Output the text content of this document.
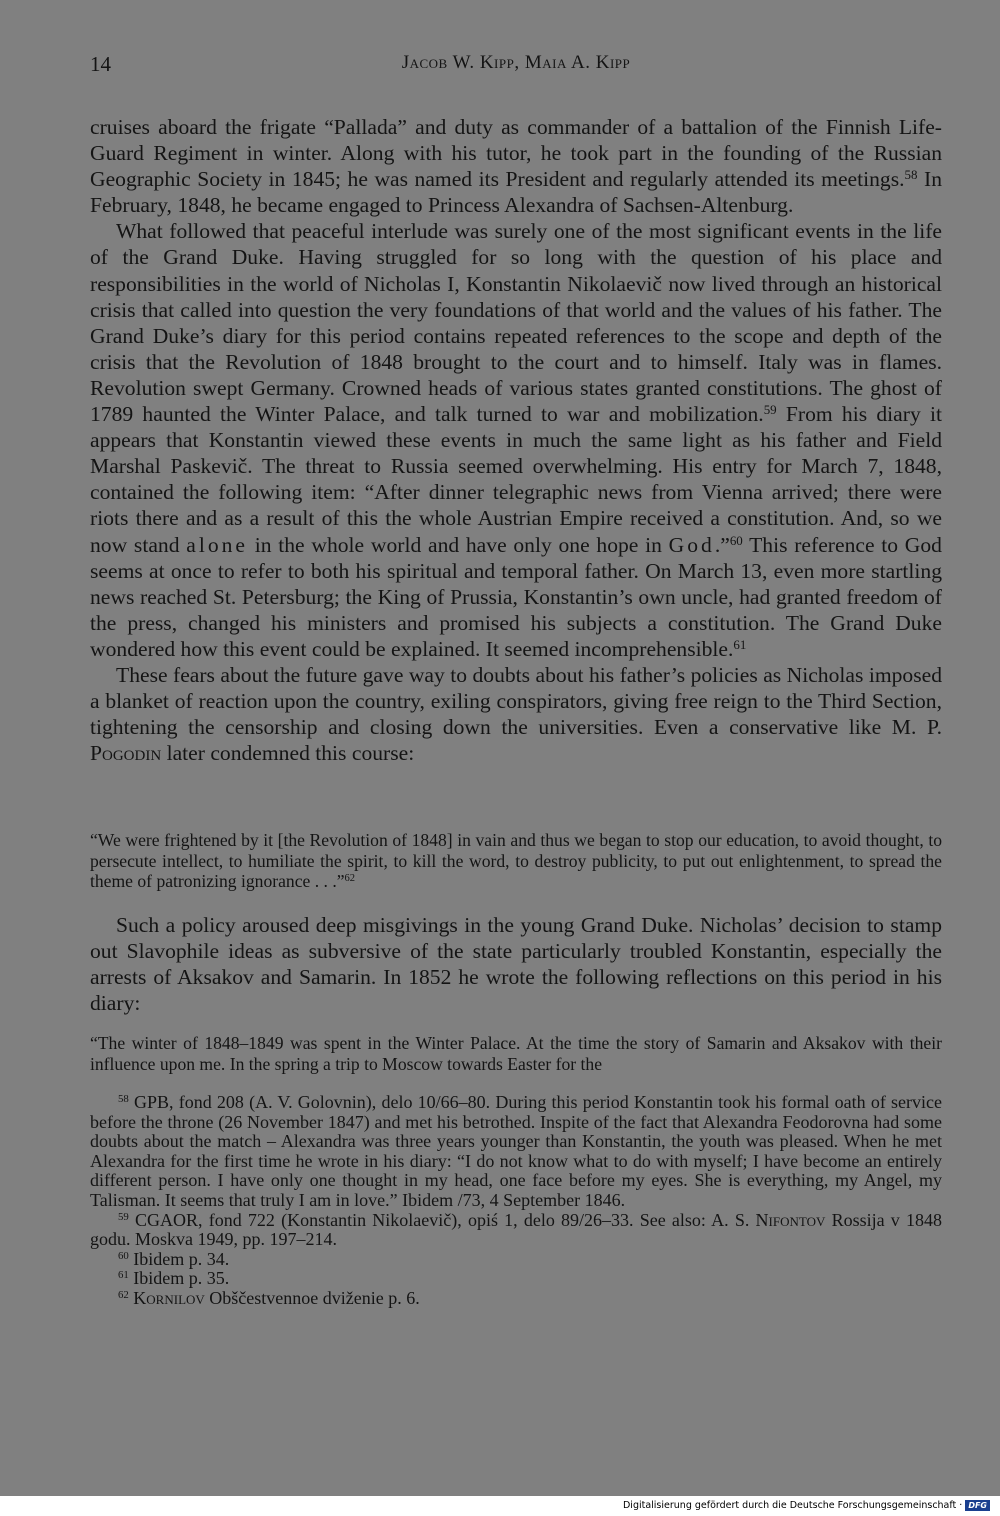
14	Jacob W. Kipp, Maia A. Kipp

cruises aboard the frigate “Pallada” and duty as commander of a battalion of the Finnish Life-Guard Regiment in winter. Along with his tutor, he took part in the founding of the Russian Geographic Society in 1845; he was named its President and regularly attended its meetings.$^{58}$ In February, 1848, he became engaged to Princess Alexandra of Sachsen-Altenburg.

What followed that peaceful interlude was surely one of the most significant events in the life of the Grand Duke. Having struggled for so long with the question of his place and responsibilities in the world of Nicholas I, Konstantin Nikolaevič now lived through an historical crisis that called into question the very foundations of that world and the values of his father. The Grand Duke’s diary for this period contains repeated references to the scope and depth of the crisis that the Revolution of 1848 brought to the court and to himself. Italy was in flames. Revolution swept Germany. Crowned heads of various states granted constitutions. The ghost of 1789 haunted the Winter Palace, and talk turned to war and mobilization.$^{59}$ From his diary it appears that Konstantin viewed these events in much the same light as his father and Field Marshal Paskevič. The threat to Russia seemed overwhelming. His entry for March 7, 1848, contained the following item: “After dinner telegraphic news from Vienna arrived; there were riots there and as a result of this the whole Austrian Empire received a constitution. And, so we now stand alone in the whole world and have only one hope in God.”$^{60}$ This reference to God seems at once to refer to both his spiritual and temporal father. On March 13, even more startling news reached St. Petersburg; the King of Prussia, Konstantin’s own uncle, had granted freedom of the press, changed his ministers and promised his subjects a constitution. The Grand Duke wondered how this event could be explained. It seemed incomprehensible.$^{61}$

These fears about the future gave way to doubts about his father’s policies as Nicholas imposed a blanket of reaction upon the country, exiling conspirators, giving free reign to the Third Section, tightening the censorship and closing down the universities. Even a conservative like M. P. Pogodin later condemned this course:

“We were frightened by it [the Revolution of 1848] in vain and thus we began to stop our education, to avoid thought, to persecute intellect, to humiliate the spirit, to kill the word, to destroy publicity, to put out enlightenment, to spread the theme of patronizing ignorance . . .”$^{62}$
Such a policy aroused deep misgivings in the young Grand Duke. Nicholas’ decision to stamp out Slavophile ideas as subversive of the state particularly troubled Konstantin, especially the arrests of Aksakov and Samarin. In 1852 he wrote the following reflections on this period in his diary:
“The winter of 1848–1849 was spent in the Winter Palace. At the time the story of Samarin and Aksakov with their influence upon me. In the spring a trip to Moscow towards Easter for the

$^{58}$ GPB, fond 208 (A. V. Golovnin), delo 10/66–80. During this period Konstantin took his formal oath of service before the throne (26 November 1847) and met his betrothed. Inspite of the fact that Alexandra Feodorovna had some doubts about the match – Alexandra was three years younger than Konstantin, the youth was pleased. When he met Alexandra for the first time he wrote in his diary: “I do not know what to do with myself; I have become an entirely different person. I have only one thought in my head, one face before my eyes. She is everything, my Angel, my Talisman. It seems that truly I am in love.” Ibidem /73, 4 September 1846.

$^{59}$ CGAOR, fond 722 (Konstantin Nikolaevič), opiś 1, delo 89/26–33. See also: A. S. Nifontov Rossija v 1848 godu. Moskva 1949, pp. 197–214.

$^{60}$ Ibidem p. 34.

$^{61}$ Ibidem p. 35.

$^{62}$ Kornilov Obščestvennoe dviženie p. 6.

Digitalisierung gefördert durch die Deutsche Forschungsgemeinschaft · DFG
